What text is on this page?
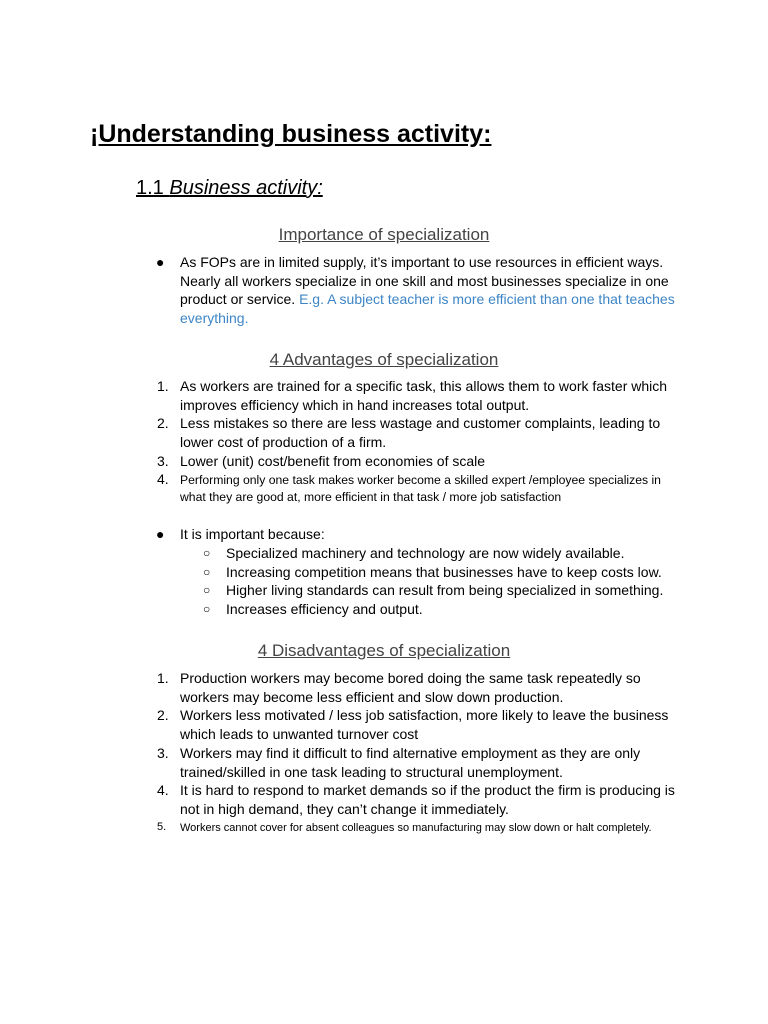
¡Understanding business activity:
1.1 Business activity:
Importance of specialization
●	As FOPs are in limited supply, it’s important to use resources in efficient ways. Nearly all workers specialize in one skill and most businesses specialize in one product or service. E.g. A subject teacher is more efficient than one that teaches everything.
4 Advantages of specialization
1. As workers are trained for a specific task, this allows them to work faster which improves efficiency which in hand increases total output.
2. Less mistakes so there are less wastage and customer complaints, leading to lower cost of production of a firm.
3. Lower (unit) cost/benefit from economies of scale
4. Performing only one task makes worker become a skilled expert /employee specializes in what they are good at, more efficient in that task / more job satisfaction
●	It is important because:
○	Specialized machinery and technology are now widely available.
○	Increasing competition means that businesses have to keep costs low.
○	Higher living standards can result from being specialized in something.
○	Increases efficiency and output.
4 Disadvantages of specialization
1. Production workers may become bored doing the same task repeatedly so workers may become less efficient and slow down production.
2. Workers less motivated / less job satisfaction, more likely to leave the business which leads to unwanted turnover cost
3. Workers may find it difficult to find alternative employment as they are only trained/skilled in one task leading to structural unemployment.
4. It is hard to respond to market demands so if the product the firm is producing is not in high demand, they can’t change it immediately.
5.	Workers cannot cover for absent colleagues so manufacturing may slow down or halt completely.
